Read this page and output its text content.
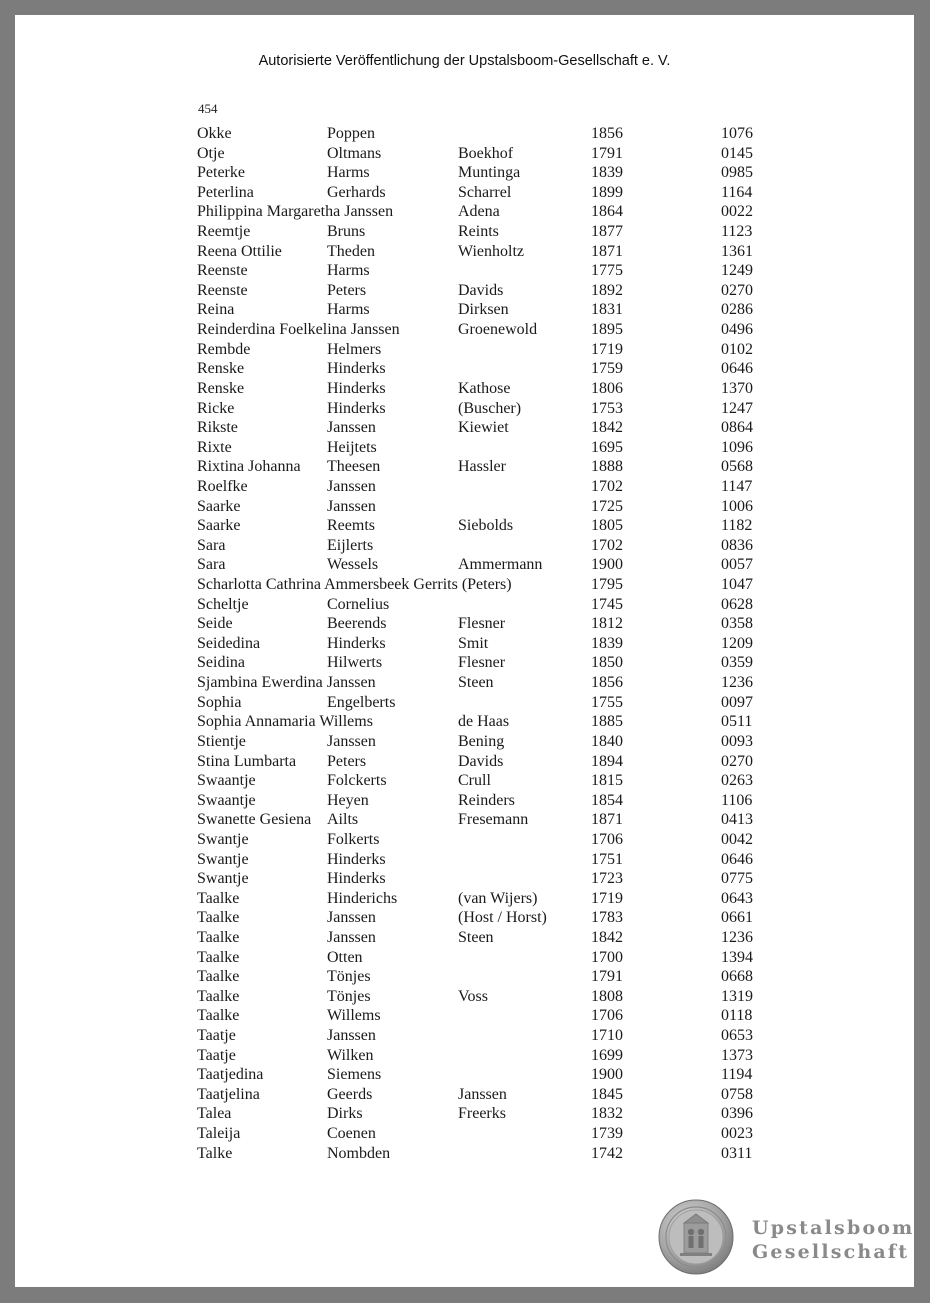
Autorisierte Veröffentlichung der Upstalsboom-Gesellschaft e. V.
454
Okke	Poppen	1856	1076
Otje	Oltmans	Boekhof	1791	0145
Peterke	Harms	Muntinga	1839	0985
Peterlina	Gerhards	Scharrel	1899	1164
Philippina Margaretha Janssen	Adena	1864	0022
Reemtje	Bruns	Reints	1877	1123
Reena Ottilie	Theden	Wienholtz	1871	1361
Reenste	Harms	1775	1249
Reenste	Peters	Davids	1892	0270
Reina	Harms	Dirksen	1831	0286
Reinderdina Foelkelina Janssen	Groenewold	1895	0496
Rembde	Helmers	1719	0102
Renske	Hinderks	1759	0646
Renske	Hinderks	Kathose	1806	1370
Ricke	Hinderks	(Buscher)	1753	1247
Rikste	Janssen	Kiewiet	1842	0864
Rixte	Heijtets	1695	1096
Rixtina Johanna Theesen	Hassler	1888	0568
Roelfke	Janssen	1702	1147
Saarke	Janssen	1725	1006
Saarke	Reemts	Siebolds	1805	1182
Sara	Eijlerts	1702	0836
Sara	Wessels	Ammermann	1900	0057
Scharlotta Cathrina Ammersbeek Gerrits (Peters)	1795	1047
Scheltje	Cornelius	1745	0628
Seide	Beerends	Flesner	1812	0358
Seidedina	Hinderks	Smit	1839	1209
Seidina	Hilwerts	Flesner	1850	0359
Sjambina Ewerdina Janssen	Steen	1856	1236
Sophia	Engelberts	1755	0097
Sophia Annamaria Willems	de Haas	1885	0511
Stientje	Janssen	Bening	1840	0093
Stina Lumbarta Peters	Davids	1894	0270
Swaantje	Folckerts	Crull	1815	0263
Swaantje	Heyen	Reinders	1854	1106
Swanette Gesiena Ailts	Fresemann	1871	0413
Swantje	Folkerts	1706	0042
Swantje	Hinderks	1751	0646
Swantje	Hinderks	1723	0775
Taalke	Hinderichs	(van Wijers)	1719	0643
Taalke	Janssen	(Host / Horst)	1783	0661
Taalke	Janssen	Steen	1842	1236
Taalke	Otten	1700	1394
Taalke	Tönjes	1791	0668
Taalke	Tönjes	Voss	1808	1319
Taalke	Willems	1706	0118
Taatje	Janssen	1710	0653
Taatje	Wilken	1699	1373
Taatjedina	Siemens	1900	1194
Taatjelina	Geerds	Janssen	1845	0758
Talea	Dirks	Freerks	1832	0396
Taleija	Coenen	1739	0023
Talke	Nombden	1742	0311
Upstalsboom
Gesellschaft
